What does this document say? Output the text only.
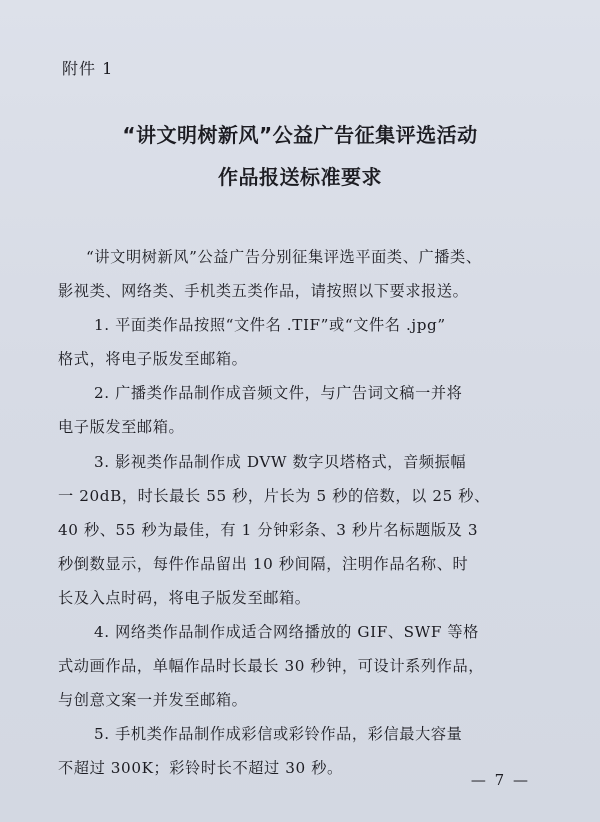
附件 1
“讲文明树新风”公益广告征集评选活动
作品报送标准要求
“讲文明树新风”公益广告分别征集评选平面类、广播类、
影视类、网络类、手机类五类作品，请按照以下要求报送。
1. 平面类作品按照“文件名 .TIF”或“文件名 .jpg”
格式，将电子版发至邮箱。
2. 广播类作品制作成音频文件，与广告词文稿一并将
电子版发至邮箱。
3. 影视类作品制作成 DVW 数字贝塔格式，音频振幅
一 20dB，时长最长 55 秒，片长为 5 秒的倍数，以 25 秒、
40 秒、55 秒为最佳，有 1 分钟彩条、3 秒片名标题版及 3
秒倒数显示，每件作品留出 10 秒间隔，注明作品名称、时
长及入点时码，将电子版发至邮箱。
4. 网络类作品制作成适合网络播放的 GIF、SWF 等格
式动画作品，单幅作品时长最长 30 秒钟，可设计系列作品，
与创意文案一并发至邮箱。
5. 手机类作品制作成彩信或彩铃作品，彩信最大容量
不超过 300K；彩铃时长不超过 30 秒。
— 7 —
